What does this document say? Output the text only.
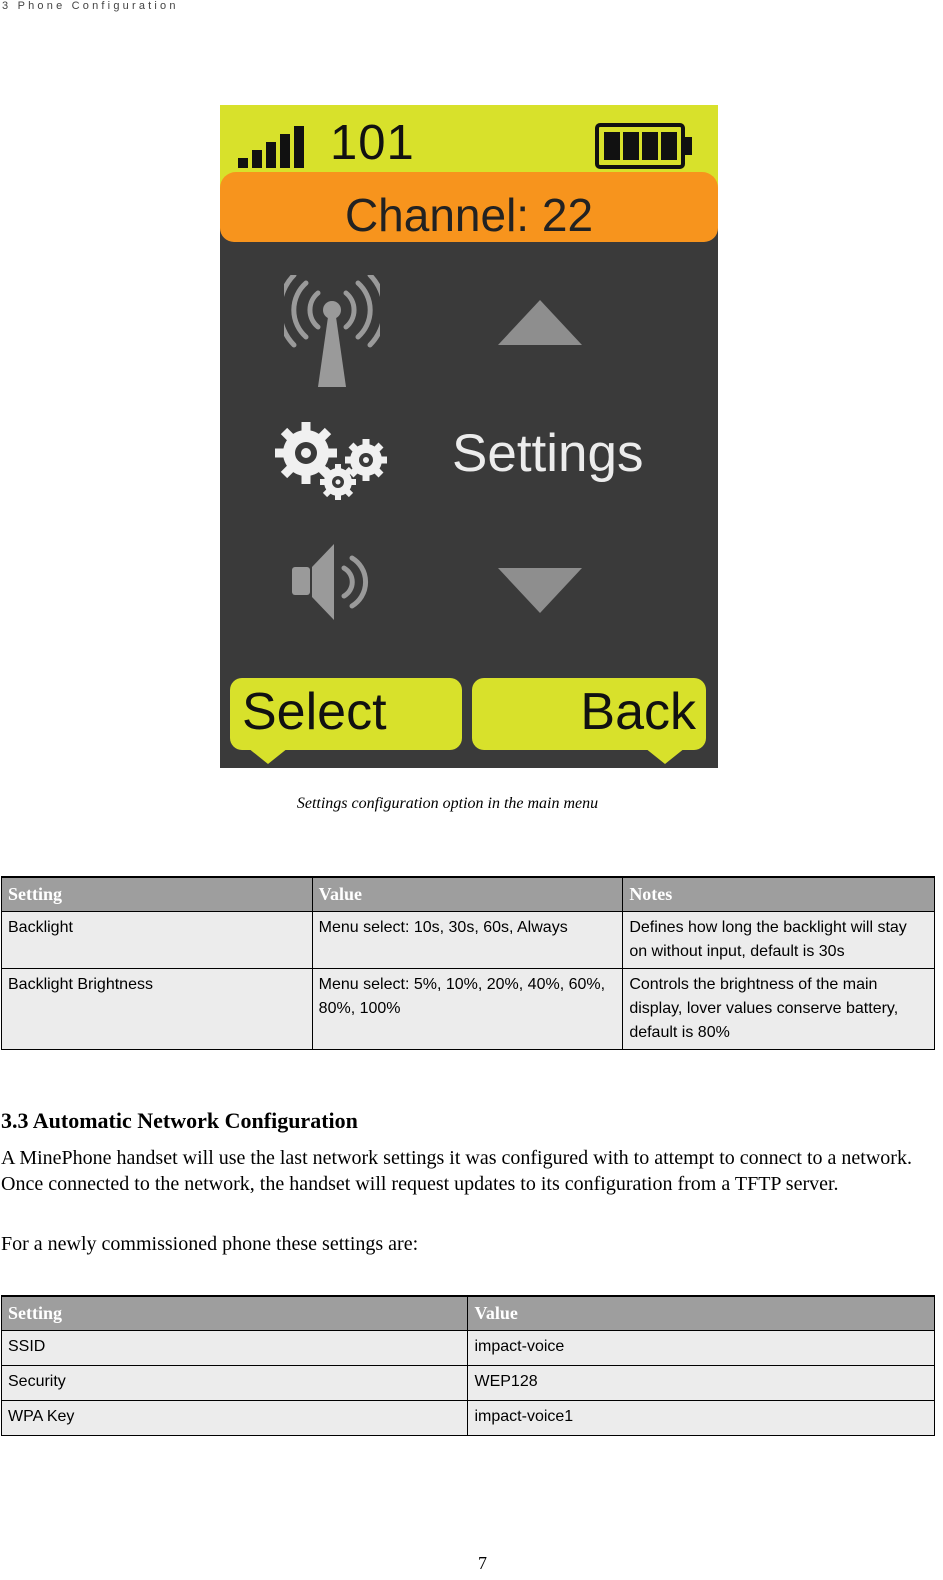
3 Phone Configuration
101
Channel: 22
Settings
Select	Back
Settings configuration option in the main menu
Setting	Value	Notes
Backlight	Menu select: 10s, 30s, 60s, Always	Defines how long the backlight will stay on without input, default is 30s
Backlight Brightness	Menu select: 5%, 10%, 20%, 40%, 60%, 80%, 100%	Controls the brightness of the main display, lover values conserve battery, default is 80%
3.3 Automatic Network Configuration
A MinePhone handset will use the last network settings it was configured with to attempt to connect to a network. Once connected to the network, the handset will request updates to its configuration from a TFTP server.
For a newly commissioned phone these settings are:
Setting	Value
SSID	impact-voice
Security	WEP128
WPA Key	impact-voice1
7
